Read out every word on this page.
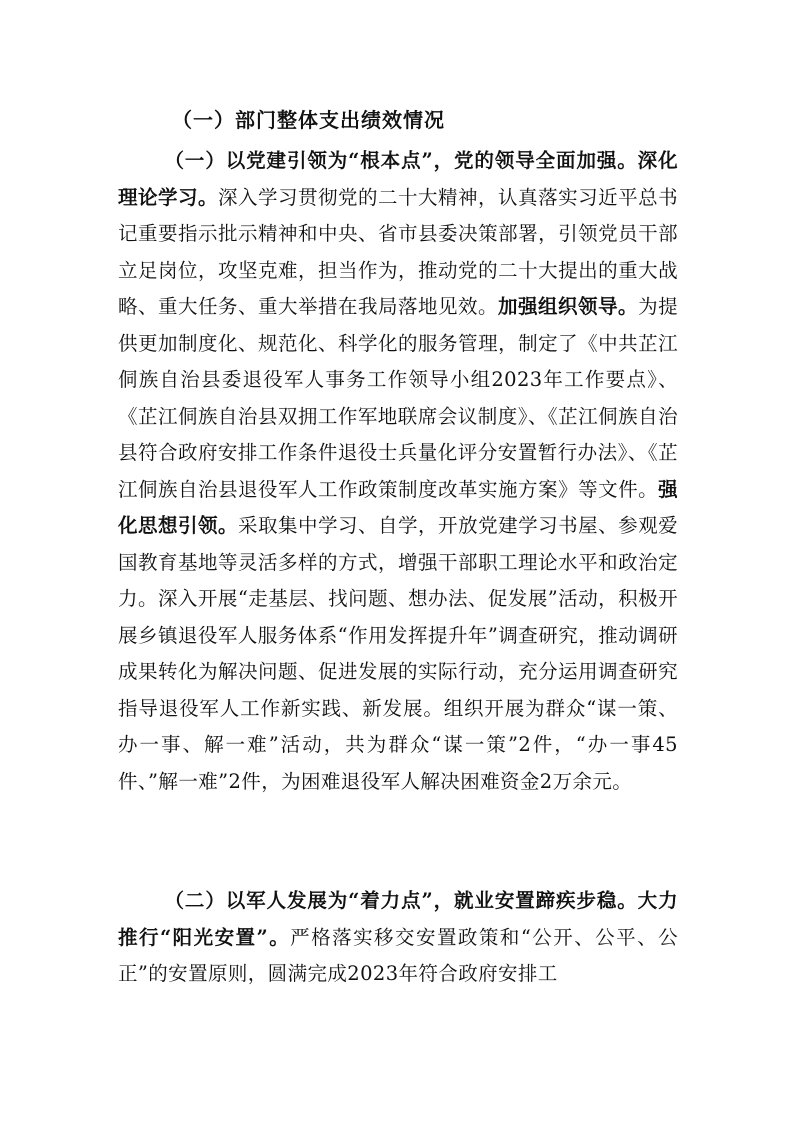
（一）部门整体支出绩效情况
（一）以党建引领为“根本点”，党的领导全面加强。深化理论学习。深入学习贯彻党的二十大精神，认真落实习近平总书记重要指示批示精神和中央、省市县委决策部署，引领党员干部立足岗位，攻坚克难，担当作为，推动党的二十大提出的重大战略、重大任务、重大举措在我局落地见效。加强组织领导。为提供更加制度化、规范化、科学化的服务管理，制定了《中共芷江侗族自治县委退役军人事务工作领导小组2023年工作要点》、《芷江侗族自治县双拥工作军地联席会议制度》、《芷江侗族自治县符合政府安排工作条件退役士兵量化评分安置暂行办法》、《芷江侗族自治县退役军人工作政策制度改革实施方案》等文件。强化思想引领。采取集中学习、自学，开放党建学习书屋、参观爱国教育基地等灵活多样的方式，增强干部职工理论水平和政治定力。深入开展“走基层、找问题、想办法、促发展”活动，积极开展乡镇退役军人服务体系“作用发挥提升年”调查研究，推动调研成果转化为解决问题、促进发展的实际行动，充分运用调查研究指导退役军人工作新实践、新发展。组织开展为群众“谋一策、办一事、解一难”活动，共为群众“谋一策”2件，“办一事45件、”解一难”2件，为困难退役军人解决困难资金2万余元。
（二）以军人发展为“着力点”，就业安置蹄疾步稳。大力推行“阳光安置”。严格落实移交安置政策和“公开、公平、公正”的安置原则，圆满完成2023年符合政府安排工
